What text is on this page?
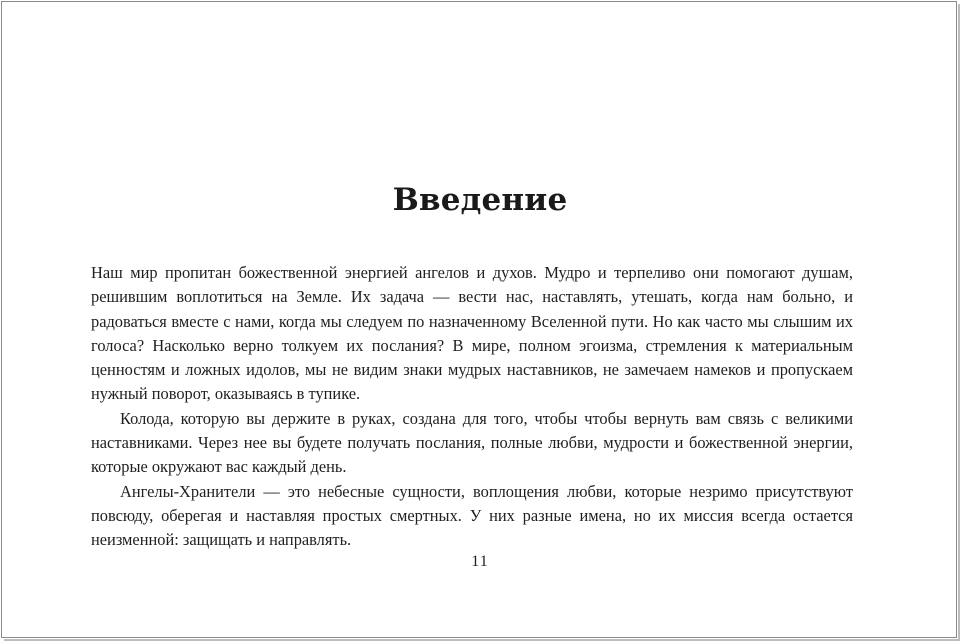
Введение

Наш мир пропитан божественной энергией ангелов и духов. Мудро и терпеливо они помогают душам, решившим воплотиться на Земле. Их задача — вести нас, наставлять, утешать, когда нам больно, и радоваться вместе с нами, когда мы следуем по назначенному Вселенной пути. Но как часто мы слышим их голоса? Насколько верно толкуем их послания? В мире, полном эгоизма, стремления к материальным ценностям и ложных идолов, мы не видим знаки мудрых наставников, не замечаем намеков и пропускаем нужный поворот, оказываясь в тупике.

Колода, которую вы держите в руках, создана для того, чтобы чтобы вернуть вам связь с великими наставниками. Через нее вы будете получать послания, полные любви, мудрости и божественной энергии, которые окружают вас каждый день.

Ангелы-Хранители — это небесные сущности, воплощения любви, которые незримо присутствуют повсюду, оберегая и наставляя простых смертных. У них разные имена, но их миссия всегда остается неизменной: защищать и направлять.

11
